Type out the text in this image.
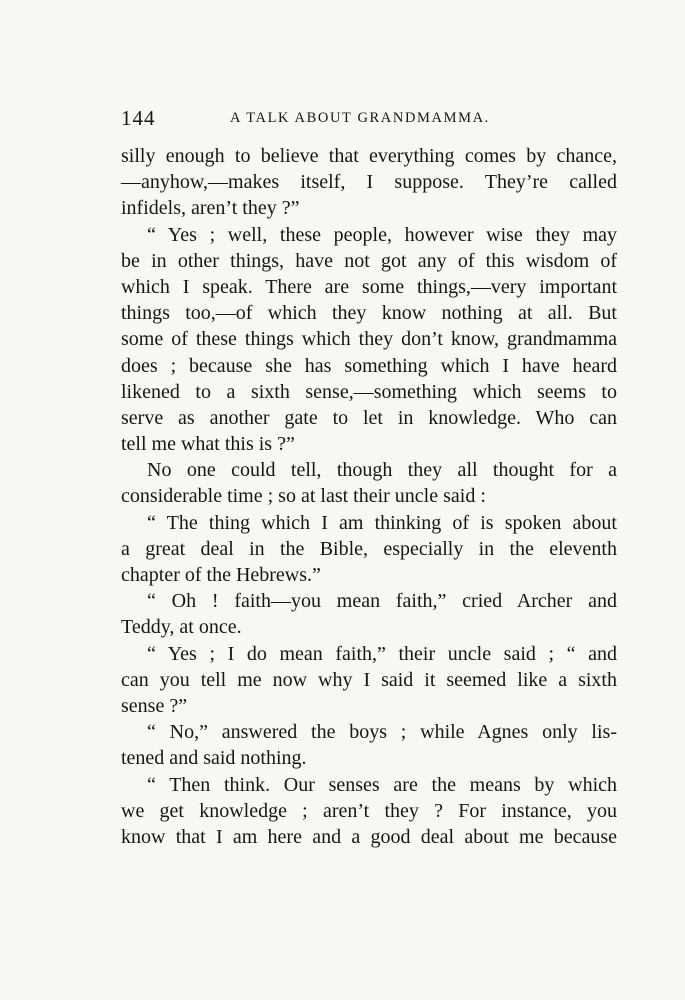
144	A TALK ABOUT GRANDMAMMA.
silly enough to believe that everything comes by chance,
—anyhow,—makes itself, I suppose. They’re called
infidels, aren’t they ?”
“ Yes ; well, these people, however wise they may
be in other things, have not got any of this wisdom of
which I speak. There are some things,—very important
things too,—of which they know nothing at all. But
some of these things which they don’t know, grandmamma
does ; because she has something which I have heard
likened to a sixth sense,—something which seems to
serve as another gate to let in knowledge. Who can
tell me what this is ?”
No one could tell, though they all thought for a
considerable time ; so at last their uncle said :
“ The thing which I am thinking of is spoken about
a great deal in the Bible, especially in the eleventh
chapter of the Hebrews.”
“ Oh ! faith—you mean faith,” cried Archer and
Teddy, at once.
“ Yes ; I do mean faith,” their uncle said ; “ and
can you tell me now why I said it seemed like a sixth
sense ?”
“ No,” answered the boys ; while Agnes only lis-
tened and said nothing.
“ Then think. Our senses are the means by which
we get knowledge ; aren’t they ? For instance, you
know that I am here and a good deal about me because
